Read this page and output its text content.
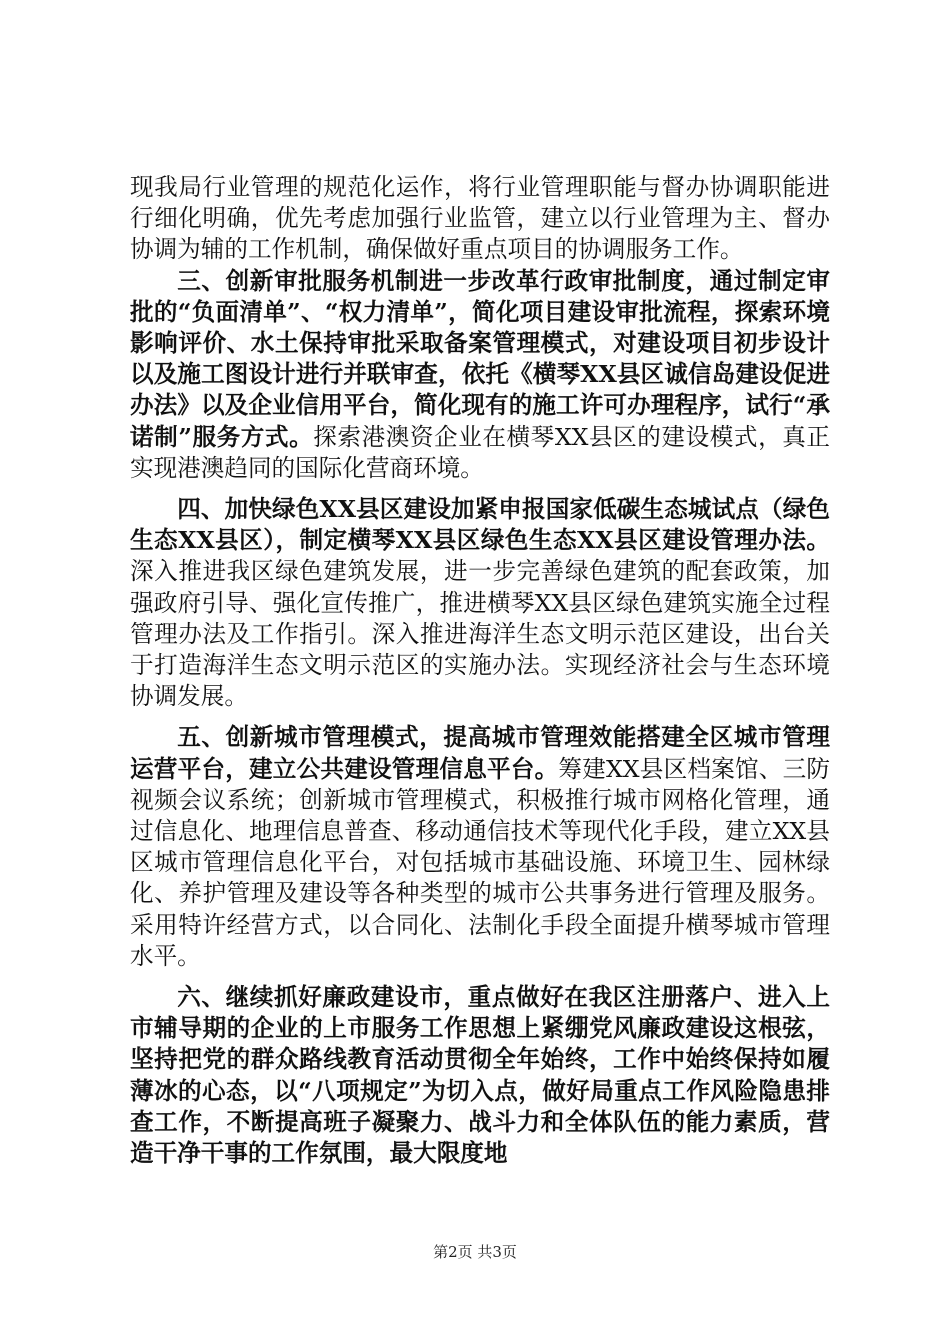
现我局行业管理的规范化运作，将行业管理职能与督办协调职能进行细化明确，优先考虑加强行业监管，建立以行业管理为主、督办协调为辅的工作机制，确保做好重点项目的协调服务工作。

三、创新审批服务机制进一步改革行政审批制度，通过制定审批的“负面清单”、“权力清单”，简化项目建设审批流程，探索环境影响评价、水土保持审批采取备案管理模式，对建设项目初步设计以及施工图设计进行并联审查，依托《横琴XX县区诚信岛建设促进办法》以及企业信用平台，简化现有的施工许可办理程序，试行“承诺制”服务方式。探索港澳资企业在横琴XX县区的建设模式，真正实现港澳趋同的国际化营商环境。

四、加快绿色XX县区建设加紧申报国家低碳生态城试点（绿色生态XX县区），制定横琴XX县区绿色生态XX县区建设管理办法。深入推进我区绿色建筑发展，进一步完善绿色建筑的配套政策，加强政府引导、强化宣传推广，推进横琴XX县区绿色建筑实施全过程管理办法及工作指引。深入推进海洋生态文明示范区建设，出台关于打造海洋生态文明示范区的实施办法。实现经济社会与生态环境协调发展。

五、创新城市管理模式，提高城市管理效能搭建全区城市管理运营平台，建立公共建设管理信息平台。筹建XX县区档案馆、三防视频会议系统；创新城市管理模式，积极推行城市网格化管理，通过信息化、地理信息普查、移动通信技术等现代化手段，建立XX县区城市管理信息化平台，对包括城市基础设施、环境卫生、园林绿化、养护管理及建设等各种类型的城市公共事务进行管理及服务。采用特许经营方式，以合同化、法制化手段全面提升横琴城市管理水平。

六、继续抓好廉政建设市，重点做好在我区注册落户、进入上市辅导期的企业的上市服务工作思想上紧绷党风廉政建设这根弦，坚持把党的群众路线教育活动贯彻全年始终，工作中始终保持如履薄冰的心态，以“八项规定”为切入点，做好局重点工作风险隐患排查工作，不断提高班子凝聚力、战斗力和全体队伍的能力素质，营造干净干事的工作氛围，最大限度地

第2页 共3页
